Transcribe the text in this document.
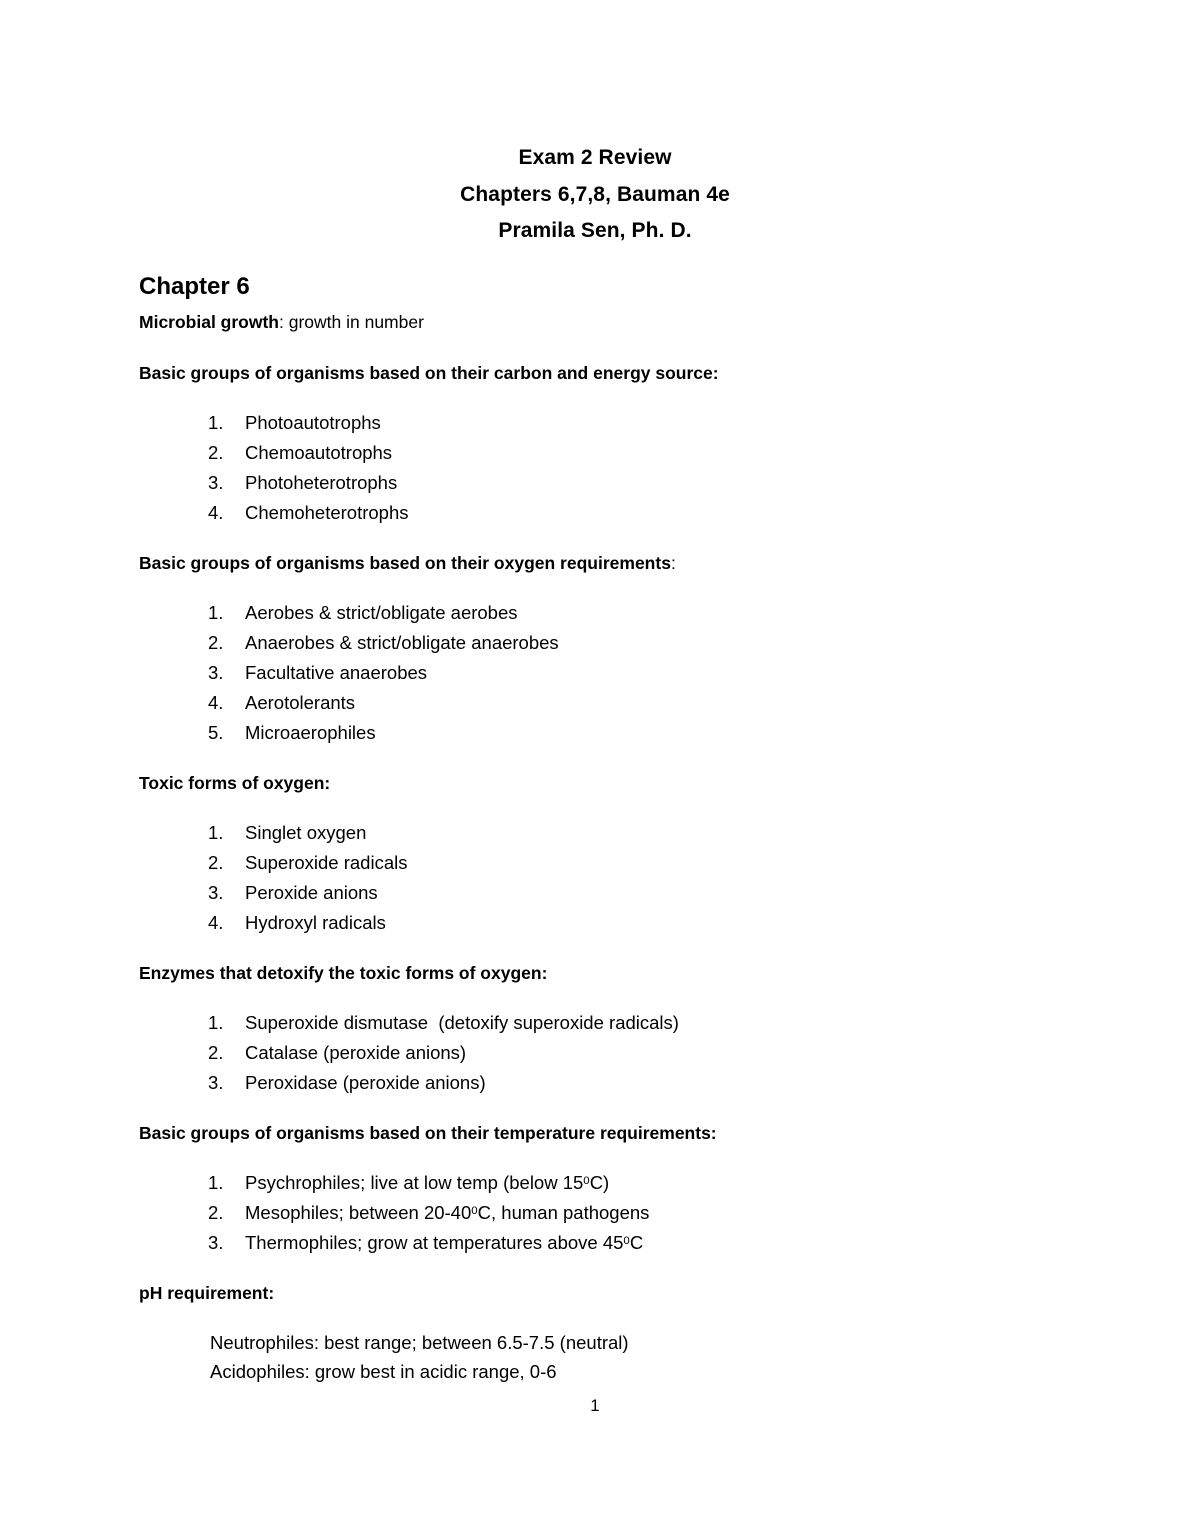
Exam 2 Review
Chapters 6,7,8, Bauman 4e
Pramila Sen, Ph. D.
Chapter 6

Microbial growth: growth in number

Basic groups of organisms based on their carbon and energy source:
1.	Photoautotrophs
2.	Chemoautotrophs
3.	Photoheterotrophs
4.	Chemoheterotrophs
Basic groups of organisms based on their oxygen requirements:
1.	Aerobes & strict/obligate aerobes
2.	Anaerobes & strict/obligate anaerobes
3.	Facultative anaerobes
4.	Aerotolerants
5.	Microaerophiles
Toxic forms of oxygen:
1.	Singlet oxygen
2.	Superoxide radicals
3.	Peroxide anions
4.	Hydroxyl radicals
Enzymes that detoxify the toxic forms of oxygen:
1.	Superoxide dismutase  (detoxify superoxide radicals)
2.	Catalase (peroxide anions)
3.	Peroxidase (peroxide anions)
Basic groups of organisms based on their temperature requirements:
1.	Psychrophiles; live at low temp (below $15^0C$)
2.	Mesophiles; between $20-40^0C$, human pathogens
3.	Thermophiles; grow at temperatures above $45^0C$
pH requirement:
Neutrophiles: best range; between 6.5-7.5 (neutral)
Acidophiles: grow best in acidic range, 0-6
1
